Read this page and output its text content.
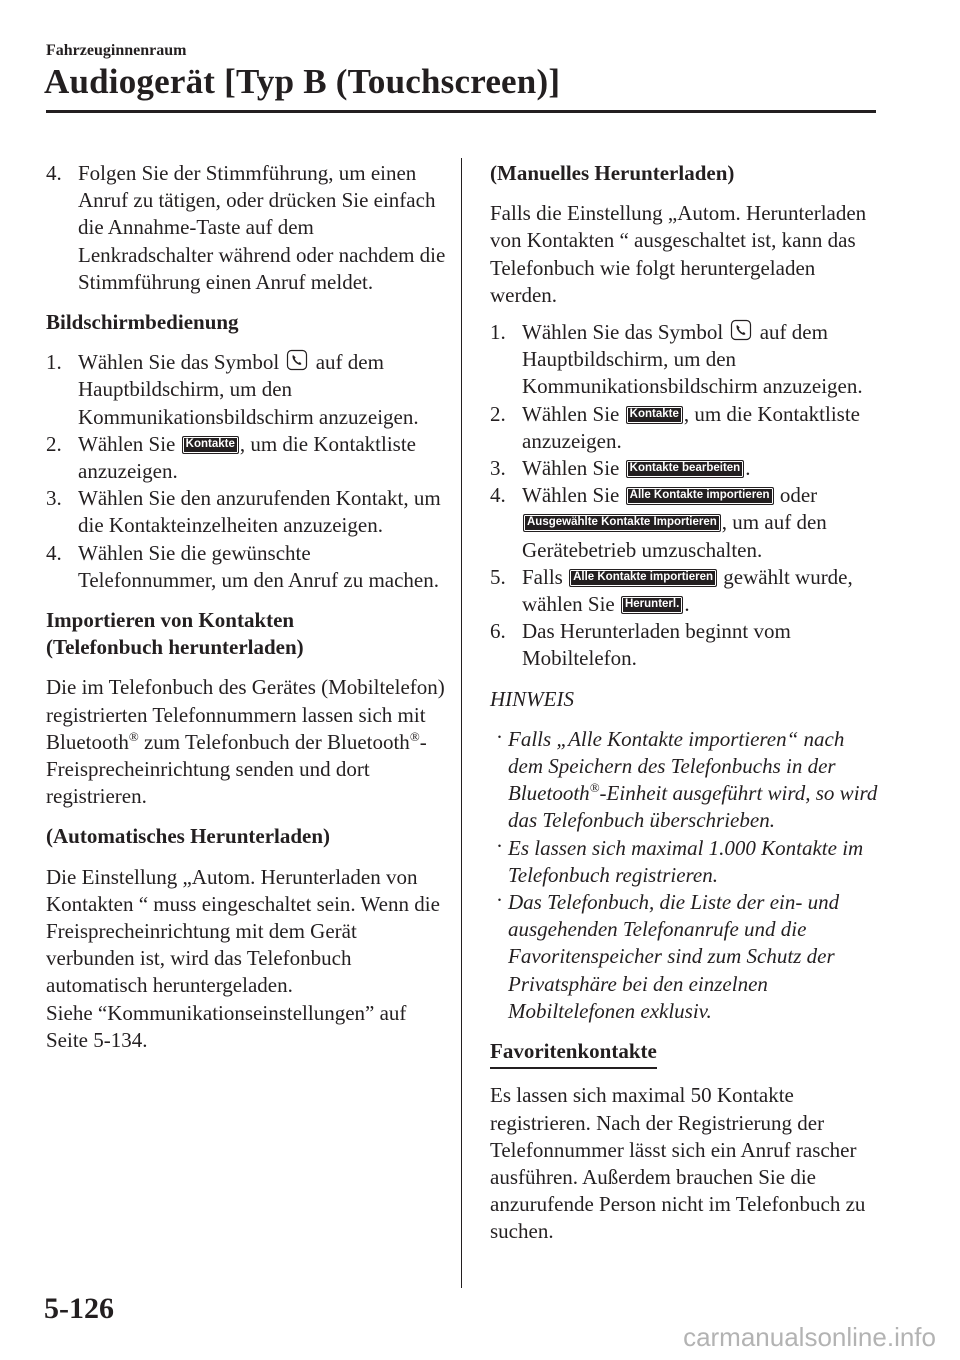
Fahrzeuginnenraum
Audiogerät [Typ B (Touchscreen)]

4. Folgen Sie der Stimmführung, um einen Anruf zu tätigen, oder drücken Sie einfach die Annahme-Taste auf dem Lenkradschalter während oder nachdem die Stimmführung einen Anruf meldet.

Bildschirmbedienung

1. Wählen Sie das Symbol auf dem Hauptbildschirm, um den Kommunikationsbildschirm anzuzeigen.

2. Wählen Sie Kontakte , um die Kontaktliste anzuzeigen.

3. Wählen Sie den anzurufenden Kontakt, um die Kontakteinzelheiten anzuzeigen.

4. Wählen Sie die gewünschte Telefonnummer, um den Anruf zu machen.

Importieren von Kontakten

(Telefonbuch herunterladen)

Die im Telefonbuch des Gerätes (Mobiltelefon) registrierten Telefonnummern lassen sich mit Bluetooth® zum Telefonbuch der Bluetooth®-Freisprecheinrichtung senden und dort registrieren.

(Automatisches Herunterladen)

Die Einstellung „Autom. Herunterladen von Kontakten “ muss eingeschaltet sein. Wenn die Freisprecheinrichtung mit dem Gerät verbunden ist, wird das Telefonbuch automatisch heruntergeladen.

Siehe “Kommunikationseinstellungen” auf Seite 5-134.

(Manuelles Herunterladen)

Falls die Einstellung „Autom. Herunterladen von Kontakten “ ausgeschaltet ist, kann das Telefonbuch wie folgt heruntergeladen werden.

1. Wählen Sie das Symbol auf dem Hauptbildschirm, um den Kommunikationsbildschirm anzuzeigen.

2. Wählen Sie Kontakte , um die Kontaktliste anzuzeigen.

3. Wählen Sie Kontakte bearbeiten .

4. Wählen Sie Alle Kontakte importieren oder
Ausgewählte Kontakte Importieren , um auf den Gerätebetrieb umzuschalten.

5. Falls Alle Kontakte importieren gewählt wurde, wählen Sie Herunterl. .

6. Das Herunterladen beginnt vom Mobiltelefon.

HINWEIS

· Falls „Alle Kontakte importieren“ nach dem Speichern des Telefonbuchs in der Bluetooth®-Einheit ausgeführt wird, so wird das Telefonbuch überschrieben.

· Es lassen sich maximal 1.000 Kontakte im Telefonbuch registrieren.

· Das Telefonbuch, die Liste der ein- und ausgehenden Telefonanrufe und die Favoritenspeicher sind zum Schutz der Privatsphäre bei den einzelnen Mobiltelefonen exklusiv.

Favoritenkontakte

Es lassen sich maximal 50 Kontakte registrieren. Nach der Registrierung der Telefonnummer lässt sich ein Anruf rascher ausführen. Außerdem brauchen Sie die anzurufende Person nicht im Telefonbuch zu suchen.

5-126
carmanualsonline.info
